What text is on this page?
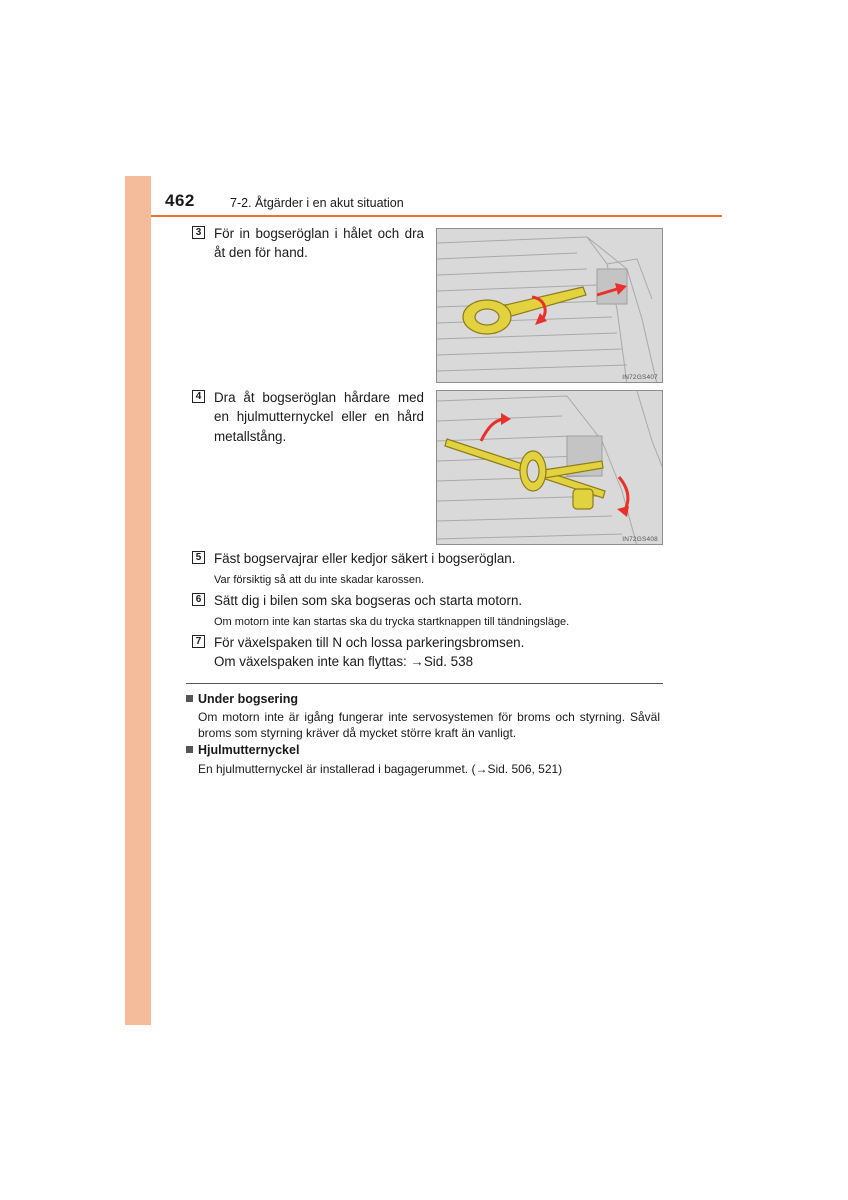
462	7-2. Åtgärder i en akut situation
3 För in bogseröglan i hålet och dra åt den för hand.
IN72GS407
4 Dra åt bogseröglan hårdare med en hjulmutternyckel eller en hård metallstång.
IN72GS408
5 Fäst bogservajrar eller kedjor säkert i bogseröglan.
Var försiktig så att du inte skadar karossen.
6 Sätt dig i bilen som ska bogseras och starta motorn.
Om motorn inte kan startas ska du trycka startknappen till tändningsläge.
7 För växelspaken till N och lossa parkeringsbromsen.
Om växelspaken inte kan flyttas: →Sid. 538
Under bogsering
Om motorn inte är igång fungerar inte servosystemen för broms och styrning. Såväl broms som styrning kräver då mycket större kraft än vanligt.
Hjulmutternyckel
En hjulmutternyckel är installerad i bagagerummet. (→Sid. 506, 521)
